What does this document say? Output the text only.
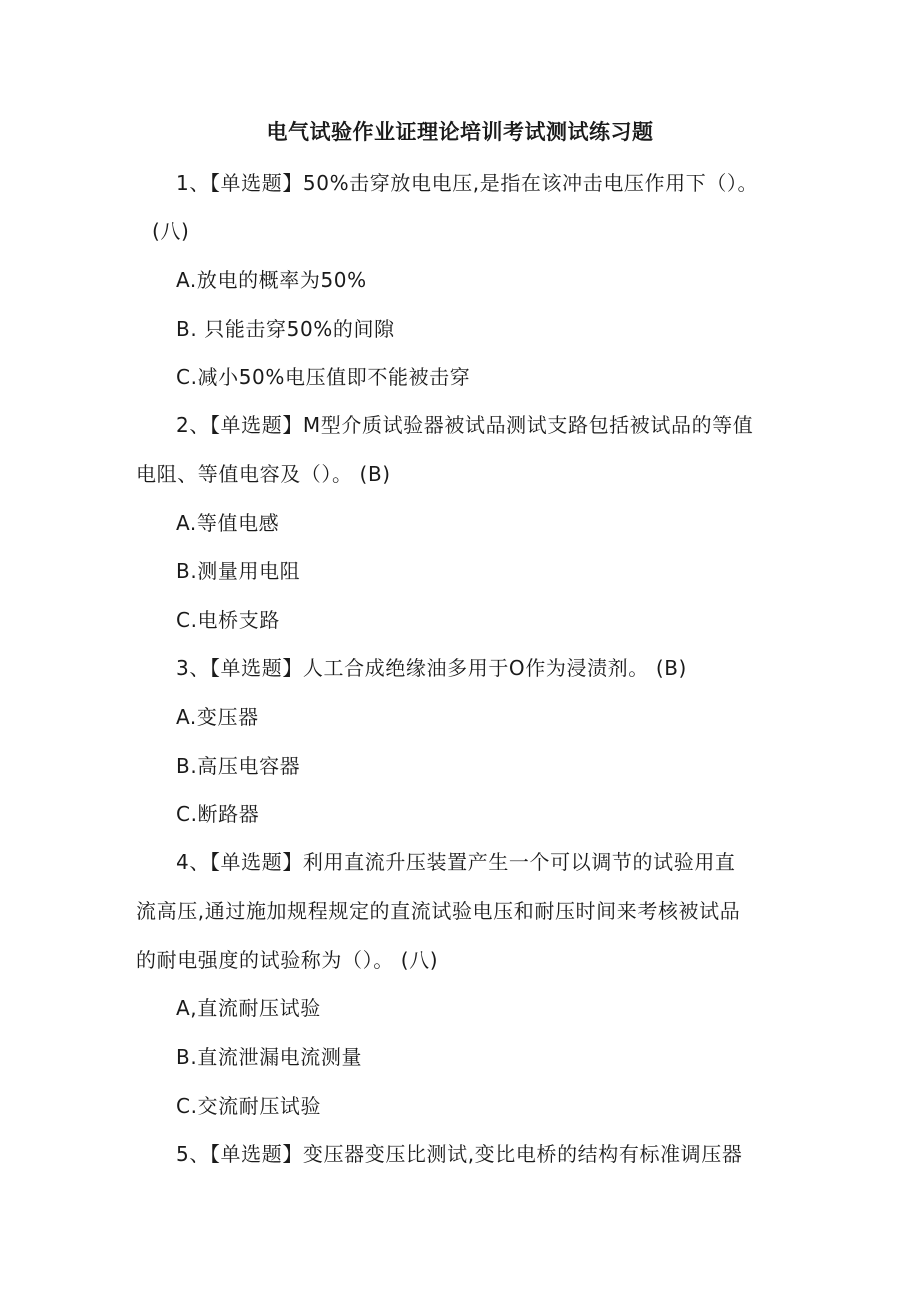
电气试验作业证理论培训考试测试练习题
1、【单选题】50%击穿放电电压,是指在该冲击电压作用下（）。
(八)
A.放电的概率为50%
B. 只能击穿50%的间隙
C.减小50%电压值即不能被击穿
2、【单选题】M型介质试验器被试品测试支路包括被试品的等值
电阻、等值电容及（）。 (B)
A.等值电感
B.测量用电阻
C.电桥支路
3、【单选题】人工合成绝缘油多用于O作为浸渍剂。 (B)
A.变压器
B.高压电容器
C.断路器
4、【单选题】利用直流升压装置产生一个可以调节的试验用直
流高压,通过施加规程规定的直流试验电压和耐压时间来考核被试品
的耐电强度的试验称为（）。 (八)
A,直流耐压试验
B.直流泄漏电流测量
C.交流耐压试验
5、【单选题】变压器变压比测试,变比电桥的结构有标准调压器
